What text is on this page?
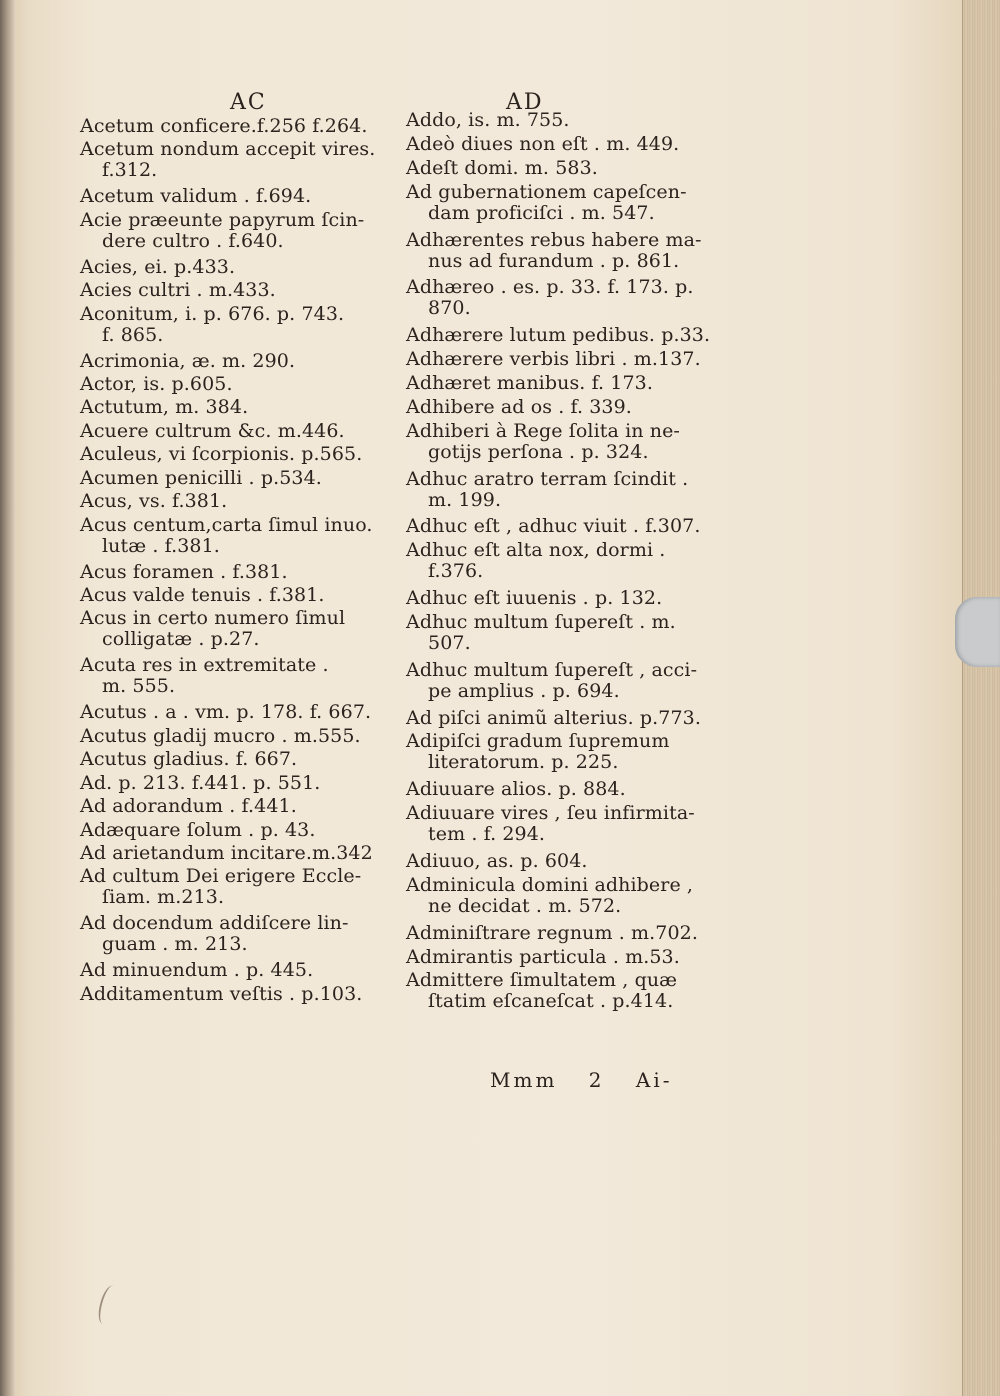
AC	AD
Acetum conficere.f.256 f.264.
Acetum nondum accepit vires.
f.312.
Acetum validum . f.694.
Acie præeunte papyrum ſcin-
dere cultro . f.640.
Acies, ei. p.433.
Acies cultri . m.433.
Aconitum, i. p. 676. p. 743.
f. 865.
Acrimonia, æ. m. 290.
Actor, is. p.605.
Actutum, m. 384.
Acuere cultrum &c. m.446.
Aculeus, vi ſcorpionis. p.565.
Acumen penicilli . p.534.
Acus, vs. f.381.
Acus centum,carta ſimul inuo.
lutæ . f.381.
Acus foramen . f.381.
Acus valde tenuis . f.381.
Acus in certo numero ſimul
colligatæ . p.27.
Acuta res in extremitate .
m. 555.
Acutus . a . vm. p. 178. f. 667.
Acutus gladij mucro . m.555.
Acutus gladius. f. 667.
Ad. p. 213. f.441. p. 551.
Ad adorandum . f.441.
Adæquare ſolum . p. 43.
Ad arietandum incitare.m.342
Ad cultum Dei erigere Eccle-
ſiam. m.213.
Ad docendum addiſcere lin-
guam . m. 213.
Ad minuendum . p. 445.
Additamentum veſtis . p.103.
Addo, is. m. 755.
Adeò diues non eſt . m. 449.
Adeſt domi. m. 583.
Ad gubernationem capeſcen-
dam proficiſci . m. 547.
Adhærentes rebus habere ma-
nus ad furandum . p. 861.
Adhæreo . es. p. 33. f. 173. p.
870.
Adhærere lutum pedibus. p.33.
Adhærere verbis libri . m.137.
Adhæret manibus. f. 173.
Adhibere ad os . f. 339.
Adhiberi à Rege ſolita in ne-
gotijs perſona . p. 324.
Adhuc aratro terram ſcindit .
m. 199.
Adhuc eſt , adhuc viuit . f.307.
Adhuc eſt alta nox, dormi .
f.376.
Adhuc eſt iuuenis . p. 132.
Adhuc multum ſupereſt . m.
507.
Adhuc multum ſupereſt , acci-
pe amplius . p. 694.
Ad piſci animũ alterius. p.773.
Adipiſci gradum ſupremum
literatorum. p. 225.
Adiuuare alios. p. 884.
Adiuuare vires , ſeu infirmita-
tem . f. 294.
Adiuuo, as. p. 604.
Adminicula domini adhibere ,
ne decidat . m. 572.
Adminiſtrare regnum . m.702.
Admirantis particula . m.53.
Admittere ſimultatem , quæ
ſtatim eſcaneſcat . p.414.
Mmm 2 Ai-
